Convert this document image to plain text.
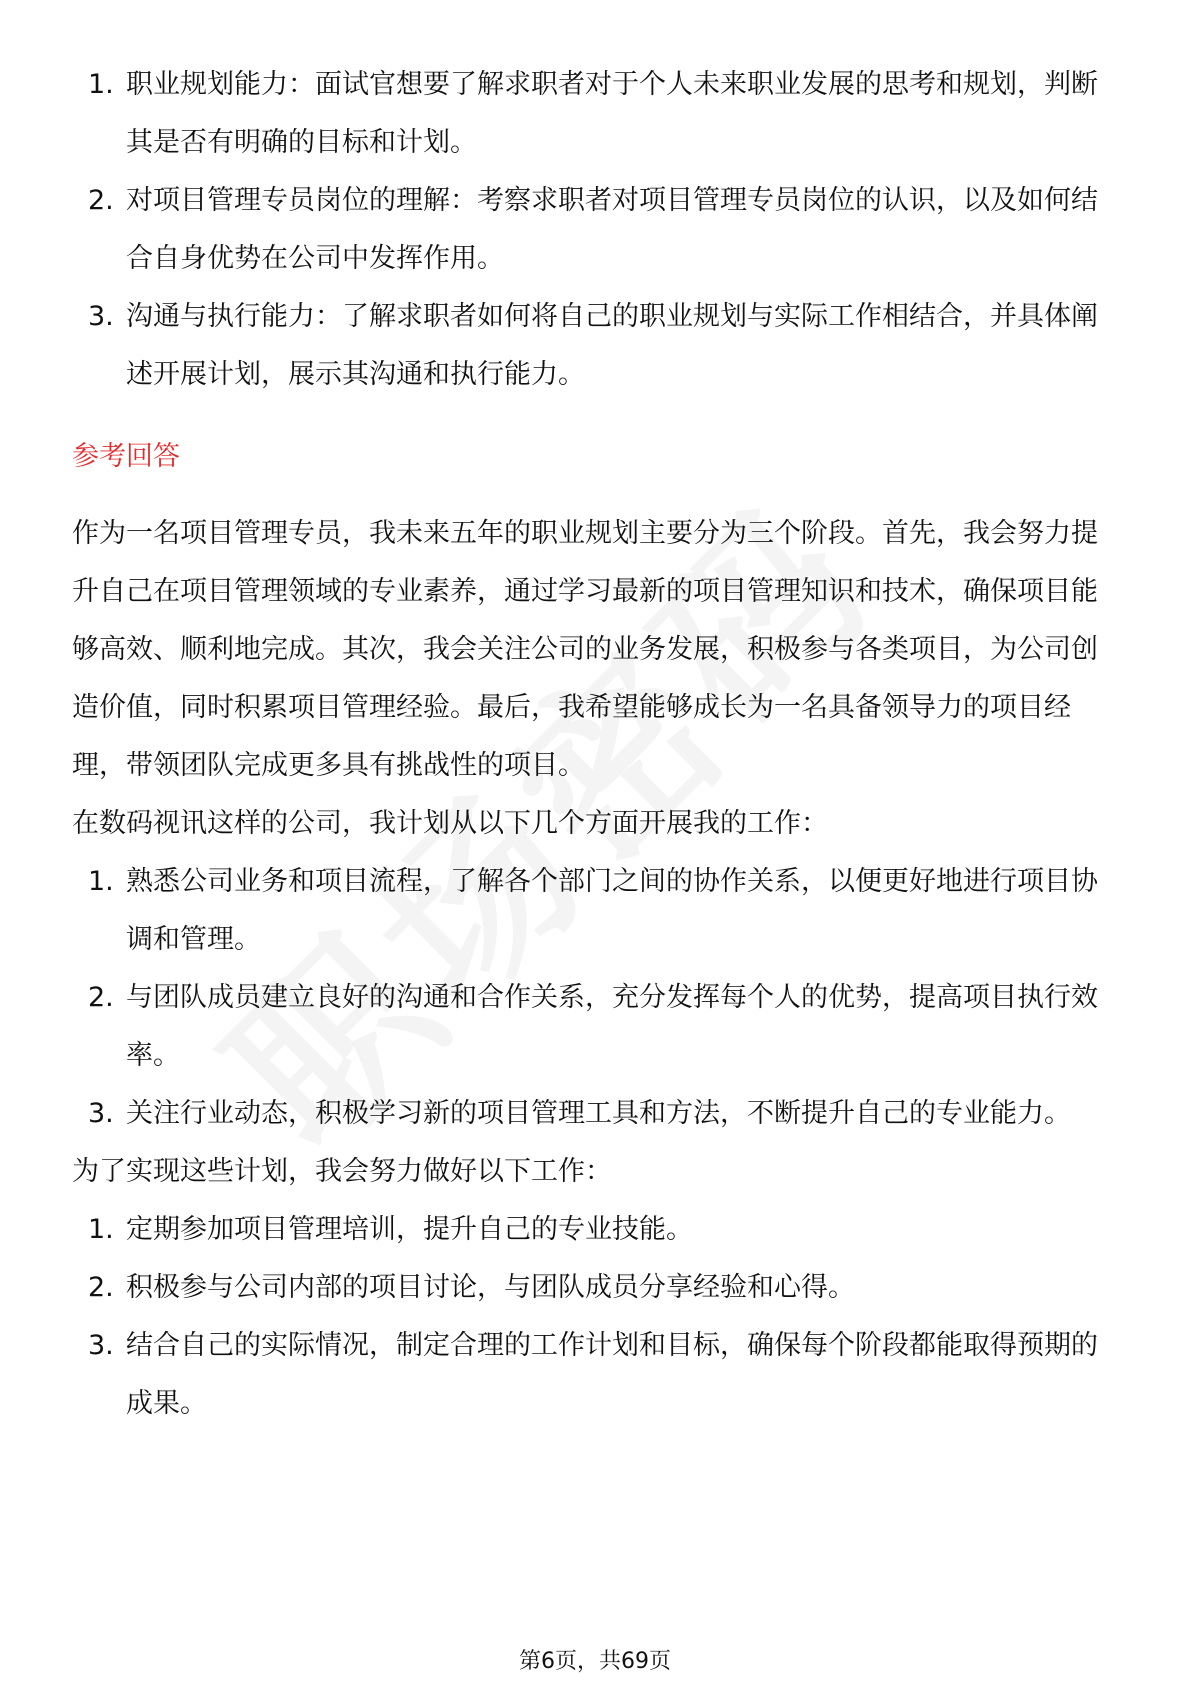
1. 职业规划能力：面试官想要了解求职者对于个人未来职业发展的思考和规划，判断其是否有明确的目标和计划。
2. 对项目管理专员岗位的理解：考察求职者对项目管理专员岗位的认识，以及如何结合自身优势在公司中发挥作用。
3. 沟通与执行能力：了解求职者如何将自己的职业规划与实际工作相结合，并具体阐述开展计划，展示其沟通和执行能力。
参考回答

作为一名项目管理专员，我未来五年的职业规划主要分为三个阶段。首先，我会努力提升自己在项目管理领域的专业素养，通过学习最新的项目管理知识和技术，确保项目能够高效、顺利地完成。其次，我会关注公司的业务发展，积极参与各类项目，为公司创造价值，同时积累项目管理经验。最后，我希望能够成长为一名具备领导力的项目经理，带领团队完成更多具有挑战性的项目。

在数码视讯这样的公司，我计划从以下几个方面开展我的工作：

1. 熟悉公司业务和项目流程，了解各个部门之间的协作关系，以便更好地进行项目协调和管理。
2. 与团队成员建立良好的沟通和合作关系，充分发挥每个人的优势，提高项目执行效率。
3. 关注行业动态，积极学习新的项目管理工具和方法，不断提升自己的专业能力。

为了实现这些计划，我会努力做好以下工作：

1. 定期参加项目管理培训，提升自己的专业技能。
2. 积极参与公司内部的项目讨论，与团队成员分享经验和心得。
3. 结合自己的实际情况，制定合理的工作计划和目标，确保每个阶段都能取得预期的成果。
第6页，共69页
